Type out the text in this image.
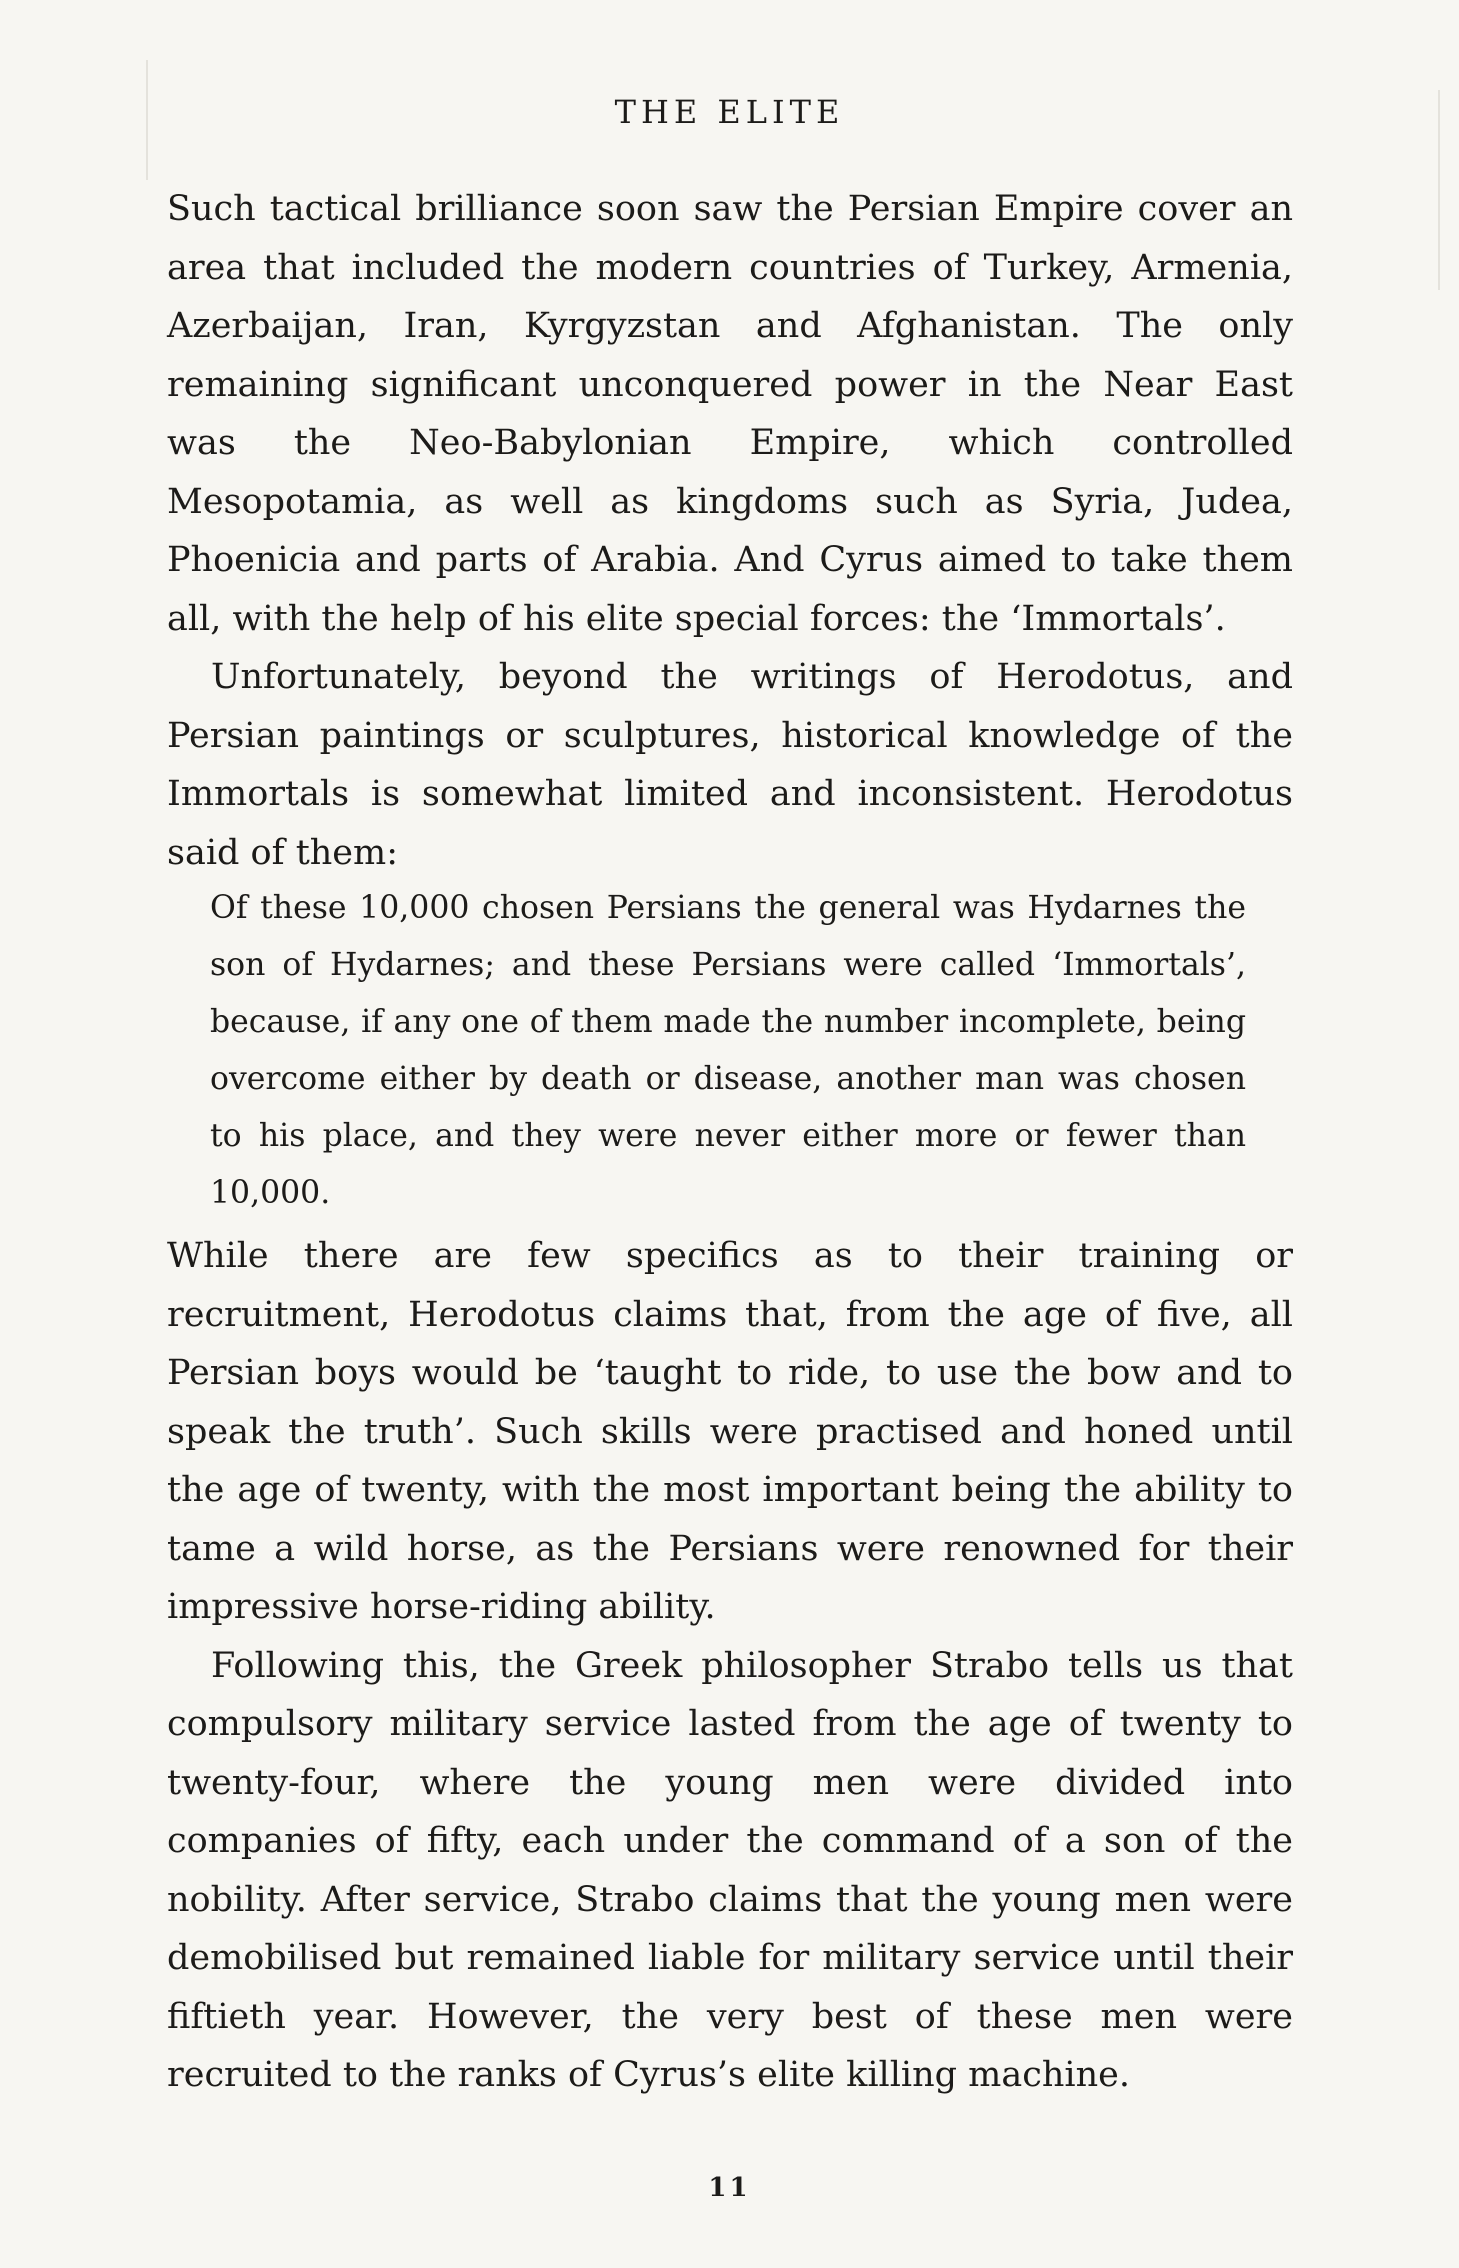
THE ELITE

Such tactical brilliance soon saw the Persian Empire cover an area that included the modern countries of Turkey, Armenia, Azerbaijan, Iran, Kyrgyzstan and Afghanistan. The only remaining significant unconquered power in the Near East was the Neo-Babylonian Empire, which controlled Mesopotamia, as well as kingdoms such as Syria, Judea, Phoenicia and parts of Arabia. And Cyrus aimed to take them all, with the help of his elite special forces: the ‘Immortals’.

Unfortunately, beyond the writings of Herodotus, and Persian paintings or sculptures, historical knowledge of the Immortals is somewhat limited and inconsistent. Herodotus said of them:

Of these 10,000 chosen Persians the general was Hydarnes the son of Hydarnes; and these Persians were called ‘Immortals’, because, if any one of them made the number incomplete, being overcome either by death or disease, another man was chosen to his place, and they were never either more or fewer than 10,000.

While there are few specifics as to their training or recruitment, Herodotus claims that, from the age of five, all Persian boys would be ‘taught to ride, to use the bow and to speak the truth’. Such skills were practised and honed until the age of twenty, with the most important being the ability to tame a wild horse, as the Persians were renowned for their impressive horse-riding ability.

Following this, the Greek philosopher Strabo tells us that compulsory military service lasted from the age of twenty to twenty-four, where the young men were divided into companies of fifty, each under the command of a son of the nobility. After service, Strabo claims that the young men were demobilised but remained liable for military service until their fiftieth year. However, the very best of these men were recruited to the ranks of Cyrus’s elite killing machine.

11
